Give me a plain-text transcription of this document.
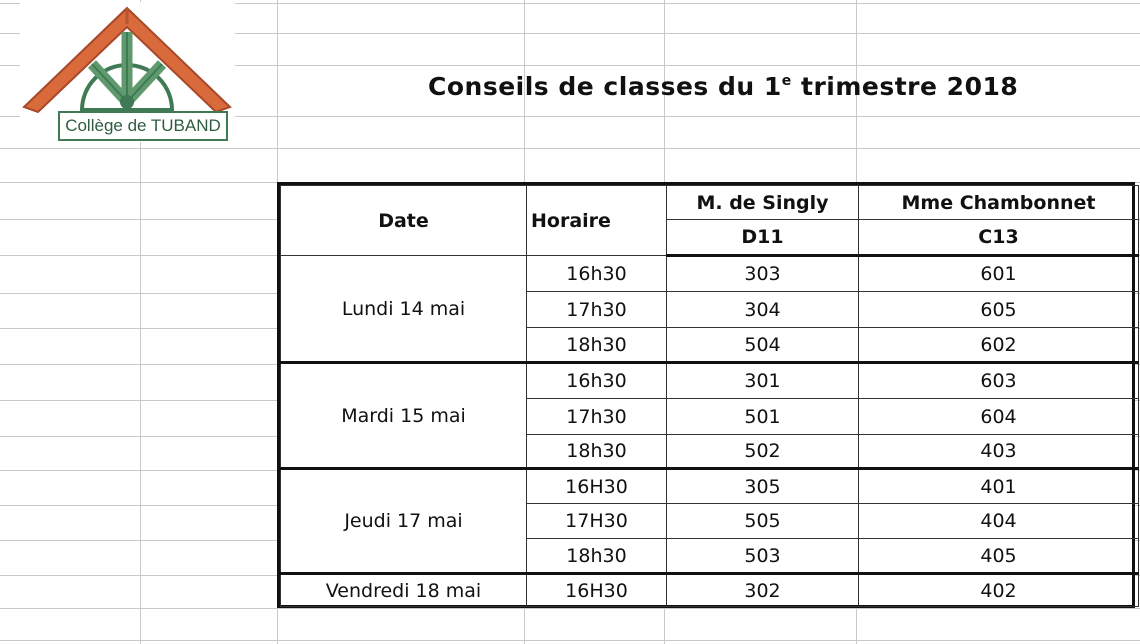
Collège de TUBAND
Conseils de classes du 1e trimestre 2018
Date	Horaire	M. de Singly	Mme Chambonnet
		D11	C13
Lundi 14 mai	16h30	303	601
	17h30	304	605
	18h30	504	602
Mardi 15 mai	16h30	301	603
	17h30	501	604
	18h30	502	403
Jeudi 17 mai	16H30	305	401
	17H30	505	404
	18h30	503	405
Vendredi 18 mai	16H30	302	402
